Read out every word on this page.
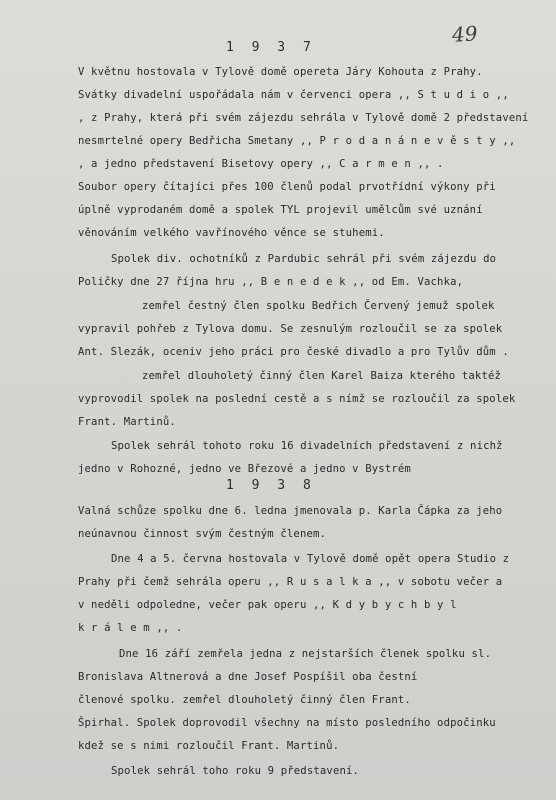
49
1 9 3 7
V květnu hostovala v Tylově domě opereta Járy Kohouta z Prahy.
Svátky divadelní uspořádala nám v červenci opera ,, S t u d i o ,,
, z Prahy, která při svém zájezdu sehrála v Tylově domě 2 představení
nesmrtelné opery Bedřicha Smetany ,, P r o d a n á n e v ě s t y ,,
, a jedno představení Bisetovy opery ,, C a r m e n ,, .
Soubor opery čítajíci přes 100 členů podal prvotřídní výkony při
úplně vyprodaném domě a spolek TYL projevil umělcům své uznání
věnováním velkého vavřínového věnce se stuhemi.
Spolek div. ochotníků z Pardubic sehrál při svém zájezdu do
Poličky dne 27 října hru ,, B e n e d e k ,, od Em. Vachka,
zemřel čestný člen spolku Bedřich Červený jemuž spolek
vypravil pohřeb z Tylova domu. Se zesnulým rozloučil se za spolek
Ant. Slezák, oceniv jeho práci pro české divadlo a pro Tylův dům .
zemřel dlouholetý činný člen Karel Baiza kterého taktéž
vyprovodil spolek na poslední cestě a s nímž se rozloučil za spolek
Frant. Martinů.
Spolek sehrál tohoto roku 16 divadelních představení z nichž
jedno v Rohozné, jedno ve Březové a jedno v Bystrém
1 9 3 8
Valná schůze spolku dne 6. ledna jmenovala p. Karla Čápka za jeho
neúnavnou činnost svým čestným členem.
Dne 4 a 5. června hostovala v Tylově domě opět opera Studio z
Prahy při čemž sehrála operu ,, R u s a l k a ,, v sobotu večer a
v neděli odpoledne, večer pak operu ,, K d y b y c h b y l
k r á l e m ,, .
Dne 16 září zemřela jedna z nejstarších členek spolku sl.
Bronislava Altnerová a dne Josef Pospíšil oba čestní
členové spolku. zemřel dlouholetý činný člen Frant.
Špirhal. Spolek doprovodil všechny na místo posledního odpočinku
kdež se s nimi rozloučil Frant. Martinů.
Spolek sehrál toho roku 9 představení.
